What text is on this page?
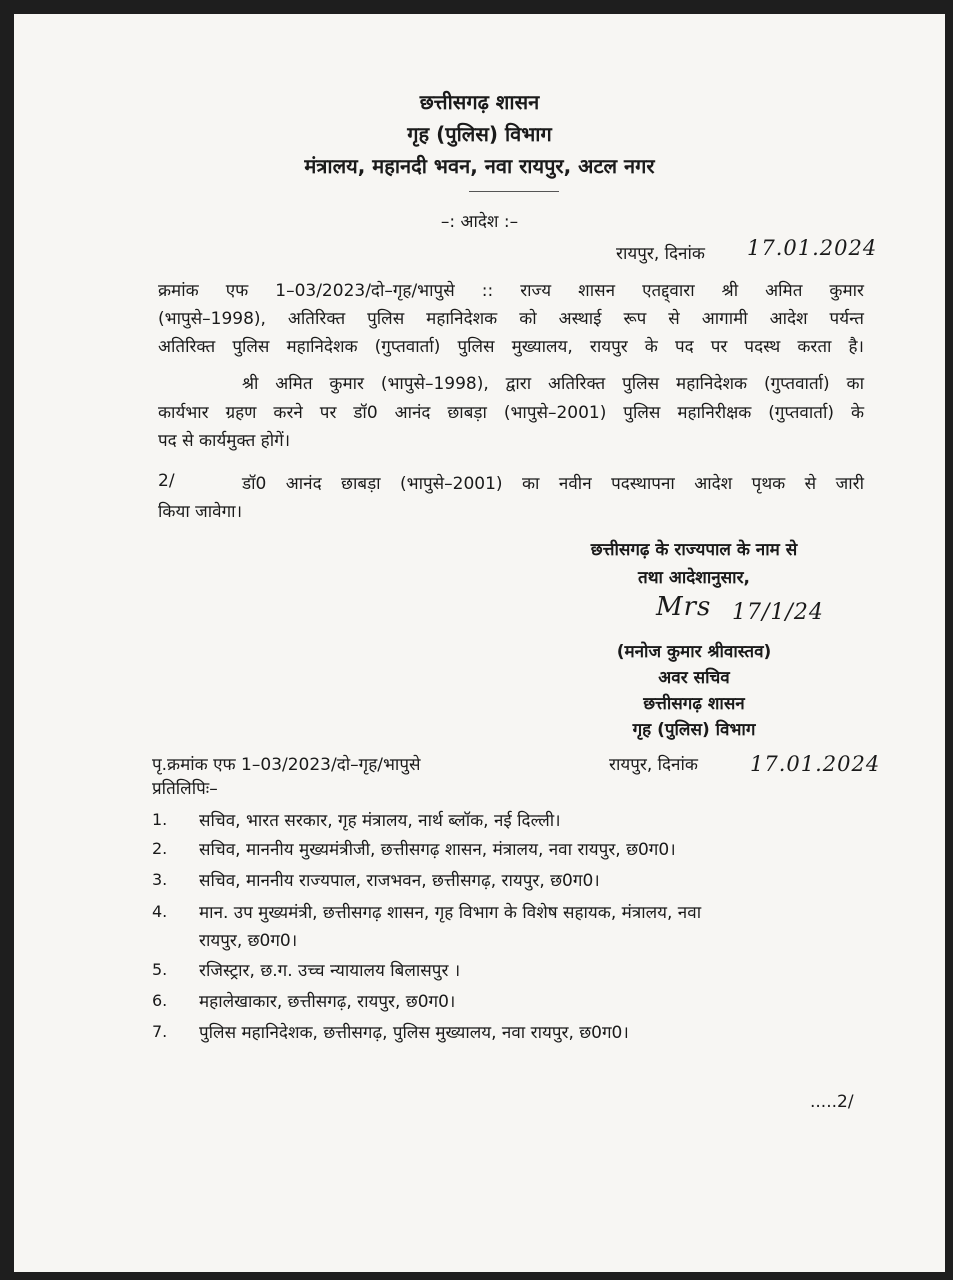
छत्तीसगढ़ शासन
गृह (पुलिस) विभाग
मंत्रालय, महानदी भवन, नवा रायपुर, अटल नगर
–: आदेश :–
रायपुर, दिनांक 17.01.2024
क्रमांक एफ 1–03/2023/दो–गृह/भापुसे :: राज्य शासन एतद्द्वारा श्री अमित कुमार
(भापुसे–1998), अतिरिक्त पुलिस महानिदेशक को अस्थाई रूप से आगामी आदेश पर्यन्त
अतिरिक्त पुलिस महानिदेशक (गुप्तवार्ता) पुलिस मुख्यालय, रायपुर के पद पर पदस्थ करता है।
श्री अमित कुमार (भापुसे–1998), द्वारा अतिरिक्त पुलिस महानिदेशक (गुप्तवार्ता) का
कार्यभार ग्रहण करने पर डॉ0 आनंद छाबड़ा (भापुसे–2001) पुलिस महानिरीक्षक (गुप्तवार्ता) के
पद से कार्यमुक्त होगें।
2/	डॉ0 आनंद छाबड़ा (भापुसे–2001) का नवीन पदस्थापना आदेश पृथक से जारी
किया जावेगा।
छत्तीसगढ़ के राज्यपाल के नाम से
तथा आदेशानुसार,
Mrs 17/1/24
(मनोज कुमार श्रीवास्तव)
अवर सचिव
छत्तीसगढ़ शासन
गृह (पुलिस) विभाग
पृ.क्रमांक एफ 1–03/2023/दो–गृह/भापुसे	रायपुर, दिनांक 17.01.2024
प्रतिलिपिः–
1. सचिव, भारत सरकार, गृह मंत्रालय, नार्थ ब्लॉक, नई दिल्ली।
2. सचिव, माननीय मुख्यमंत्रीजी, छत्तीसगढ़ शासन, मंत्रालय, नवा रायपुर, छ0ग0।
3. सचिव, माननीय राज्यपाल, राजभवन, छत्तीसगढ़, रायपुर, छ0ग0।
4. मान. उप मुख्यमंत्री, छत्तीसगढ़ शासन, गृह विभाग के विशेष सहायक, मंत्रालय, नवा
रायपुर, छ0ग0।
5. रजिस्ट्रार, छ.ग. उच्च न्यायालय बिलासपुर ।
6. महालेखाकार, छत्तीसगढ़, रायपुर, छ0ग0।
7. पुलिस महानिदेशक, छत्तीसगढ़, पुलिस मुख्यालय, नवा रायपुर, छ0ग0।
.....2/
